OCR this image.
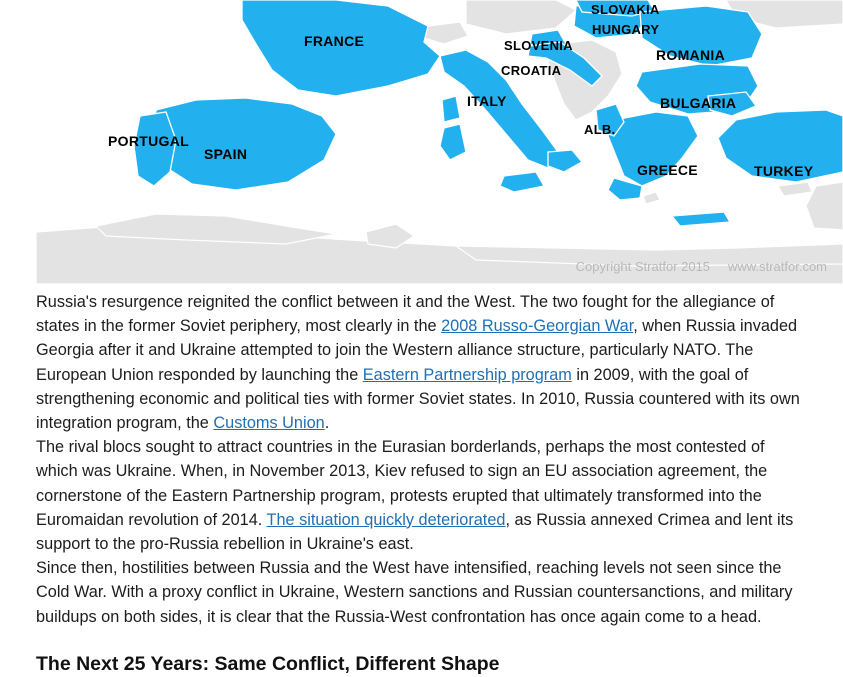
SLOVAKIA
HUNGARY
FRANCE	SLOVENIA
ROMANIA
CROATIA
ITALY	BULGARIA
ALB.
PORTUGAL
SPAIN
GREECE	TURKEY
Copyright Stratfor 2015 www.stratfor.com

Russia's resurgence reignited the conflict between it and the West. The two fought for the allegiance of states in the former Soviet periphery, most clearly in the 2008 Russo-Georgian War, when Russia invaded Georgia after it and Ukraine attempted to join the Western alliance structure, particularly NATO. The European Union responded by launching the Eastern Partnership program in 2009, with the goal of strengthening economic and political ties with former Soviet states. In 2010, Russia countered with its own integration program, the Customs Union.

The rival blocs sought to attract countries in the Eurasian borderlands, perhaps the most contested of which was Ukraine. When, in November 2013, Kiev refused to sign an EU association agreement, the cornerstone of the Eastern Partnership program, protests erupted that ultimately transformed into the Euromaidan revolution of 2014. The situation quickly deteriorated, as Russia annexed Crimea and lent its support to the pro-Russia rebellion in Ukraine's east.

Since then, hostilities between Russia and the West have intensified, reaching levels not seen since the Cold War. With a proxy conflict in Ukraine, Western sanctions and Russian countersanctions, and military buildups on both sides, it is clear that the Russia-West confrontation has once again come to a head.

The Next 25 Years: Same Conflict, Different Shape
